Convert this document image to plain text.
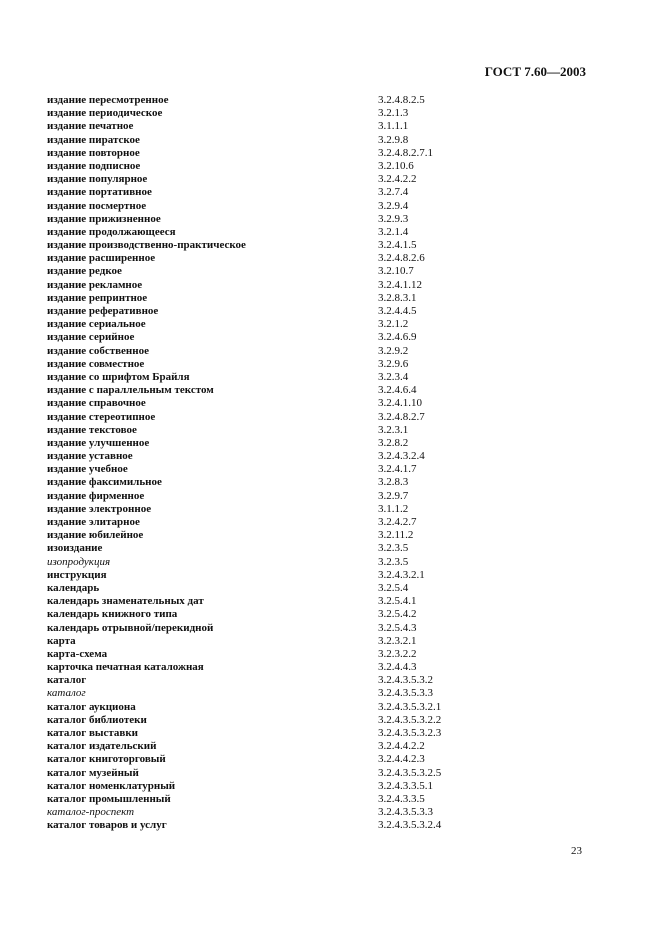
ГОСТ 7.60—2003
издание пересмотренное	3.2.4.8.2.5
издание периодическое	3.2.1.3
издание печатное	3.1.1.1
издание пиратское	3.2.9.8
издание повторное	3.2.4.8.2.7.1
издание подписное	3.2.10.6
издание популярное	3.2.4.2.2
издание портативное	3.2.7.4
издание посмертное	3.2.9.4
издание прижизненное	3.2.9.3
издание продолжающееся	3.2.1.4
издание производственно-практическое	3.2.4.1.5
издание расширенное	3.2.4.8.2.6
издание редкое	3.2.10.7
издание рекламное	3.2.4.1.12
издание репринтное	3.2.8.3.1
издание реферативное	3.2.4.4.5
издание сериальное	3.2.1.2
издание серийное	3.2.4.6.9
издание собственное	3.2.9.2
издание совместное	3.2.9.6
издание со шрифтом Брайля	3.2.3.4
издание с параллельным текстом	3.2.4.6.4
издание справочное	3.2.4.1.10
издание стереотипное	3.2.4.8.2.7
издание текстовое	3.2.3.1
издание улучшенное	3.2.8.2
издание уставное	3.2.4.3.2.4
издание учебное	3.2.4.1.7
издание факсимильное	3.2.8.3
издание фирменное	3.2.9.7
издание электронное	3.1.1.2
издание элитарное	3.2.4.2.7
издание юбилейное	3.2.11.2
изоиздание	3.2.3.5
изопродукция	3.2.3.5
инструкция	3.2.4.3.2.1
календарь	3.2.5.4
календарь знаменательных дат	3.2.5.4.1
календарь книжного типа	3.2.5.4.2
календарь отрывной/перекидной	3.2.5.4.3
карта	3.2.3.2.1
карта-схема	3.2.3.2.2
карточка печатная каталожная	3.2.4.4.3
каталог	3.2.4.3.5.3.2
каталог	3.2.4.3.5.3.3
каталог аукциона	3.2.4.3.5.3.2.1
каталог библиотеки	3.2.4.3.5.3.2.2
каталог выставки	3.2.4.3.5.3.2.3
каталог издательский	3.2.4.4.2.2
каталог книготорговый	3.2.4.4.2.3
каталог музейный	3.2.4.3.5.3.2.5
каталог номенклатурный	3.2.4.3.3.5.1
каталог промышленный	3.2.4.3.3.5
каталог-проспект	3.2.4.3.5.3.3
каталог товаров и услуг	3.2.4.3.5.3.2.4
23
